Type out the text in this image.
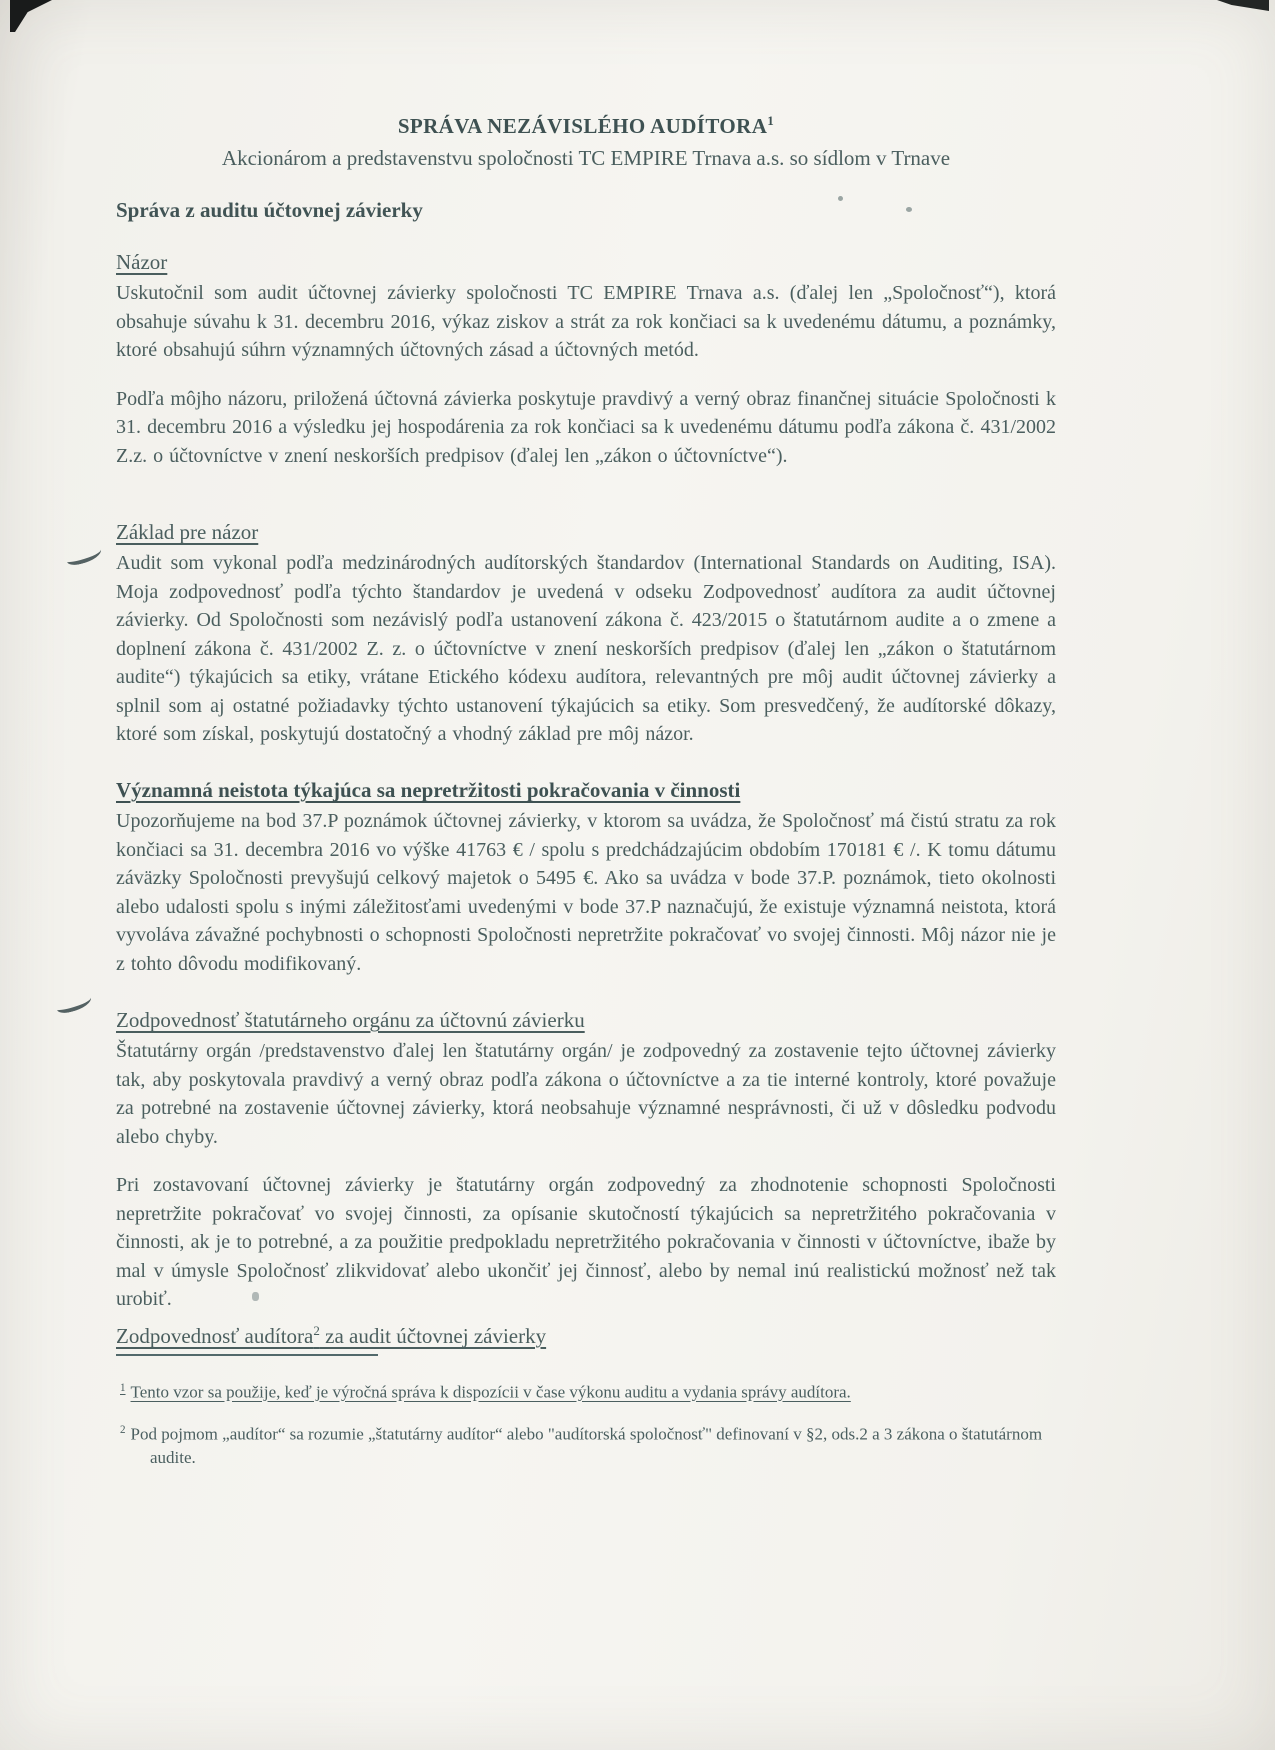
SPRÁVA NEZÁVISLÉHO AUDÍTORA$^1$
Akcionárom a predstavenstvu spoločnosti TC EMPIRE Trnava a.s. so sídlom v Trnave
Správa z auditu účtovnej závierky
Názor

Uskutočnil som audit účtovnej závierky spoločnosti TC EMPIRE Trnava a.s. (ďalej len „Spoločnosť“), ktorá obsahuje súvahu k 31. decembru 2016, výkaz ziskov a strát za rok končiaci sa k uvedenému dátumu, a poznámky, ktoré obsahujú súhrn významných účtovných zásad a účtovných metód.

Podľa môjho názoru, priložená účtovná závierka poskytuje pravdivý a verný obraz finančnej situácie Spoločnosti k 31. decembru 2016 a výsledku jej hospodárenia za rok končiaci sa k uvedenému dátumu podľa zákona č. 431/2002 Z.z. o účtovníctve v znení neskorších predpisov (ďalej len „zákon o účtovníctve“).

Základ pre názor

Audit som vykonal podľa medzinárodných audítorských štandardov (International Standards on Auditing, ISA). Moja zodpovednosť podľa týchto štandardov je uvedená v odseku Zodpovednosť audítora za audit účtovnej závierky. Od Spoločnosti som nezávislý podľa ustanovení zákona č. 423/2015 o štatutárnom audite a o zmene a doplnení zákona č. 431/2002 Z. z. o účtovníctve v znení neskorších predpisov (ďalej len „zákon o štatutárnom audite“) týkajúcich sa etiky, vrátane Etického kódexu audítora, relevantných pre môj audit účtovnej závierky a splnil som aj ostatné požiadavky týchto ustanovení týkajúcich sa etiky. Som presvedčený, že audítorské dôkazy, ktoré som získal, poskytujú dostatočný a vhodný základ pre môj názor.

Významná neistota týkajúca sa nepretržitosti pokračovania v činnosti

Upozorňujeme na bod 37.P poznámok účtovnej závierky, v ktorom sa uvádza, že Spoločnosť má čistú stratu za rok končiaci sa 31. decembra 2016 vo výške 41763 € / spolu s predchádzajúcim obdobím 170181 € /. K tomu dátumu záväzky Spoločnosti prevyšujú celkový majetok o 5495 €. Ako sa uvádza v bode 37.P. poznámok, tieto okolnosti alebo udalosti spolu s inými záležitosťami uvedenými v bode 37.P naznačujú, že existuje významná neistota, ktorá vyvoláva závažné pochybnosti o schopnosti Spoločnosti nepretržite pokračovať vo svojej činnosti. Môj názor nie je z tohto dôvodu modifikovaný.

Zodpovednosť štatutárneho orgánu za účtovnú závierku

Štatutárny orgán /predstavenstvo ďalej len štatutárny orgán/ je zodpovedný za zostavenie tejto účtovnej závierky tak, aby poskytovala pravdivý a verný obraz podľa zákona o účtovníctve a za tie interné kontroly, ktoré považuje za potrebné na zostavenie účtovnej závierky, ktorá neobsahuje významné nesprávnosti, či už v dôsledku podvodu alebo chyby.

Pri zostavovaní účtovnej závierky je štatutárny orgán zodpovedný za zhodnotenie schopnosti Spoločnosti nepretržite pokračovať vo svojej činnosti, za opísanie skutočností týkajúcich sa nepretržitého pokračovania v činnosti, ak je to potrebné, a za použitie predpokladu nepretržitého pokračovania v činnosti v účtovníctve, ibaže by mal v úmysle Spoločnosť zlikvidovať alebo ukončiť jej činnosť, alebo by nemal inú realistickú možnosť než tak urobiť.

Zodpovednosť audítora$^2$ za audit účtovnej závierky
$^1$ Tento vzor sa použije, keď je výročná správa k dispozícii v čase výkonu auditu a vydania správy audítora.
$^2$ Pod pojmom „audítor“ sa rozumie „štatutárny audítor“ alebo "audítorská spoločnosť" definovaní v §2, ods.2 a 3 zákona o štatutárnom audite.
